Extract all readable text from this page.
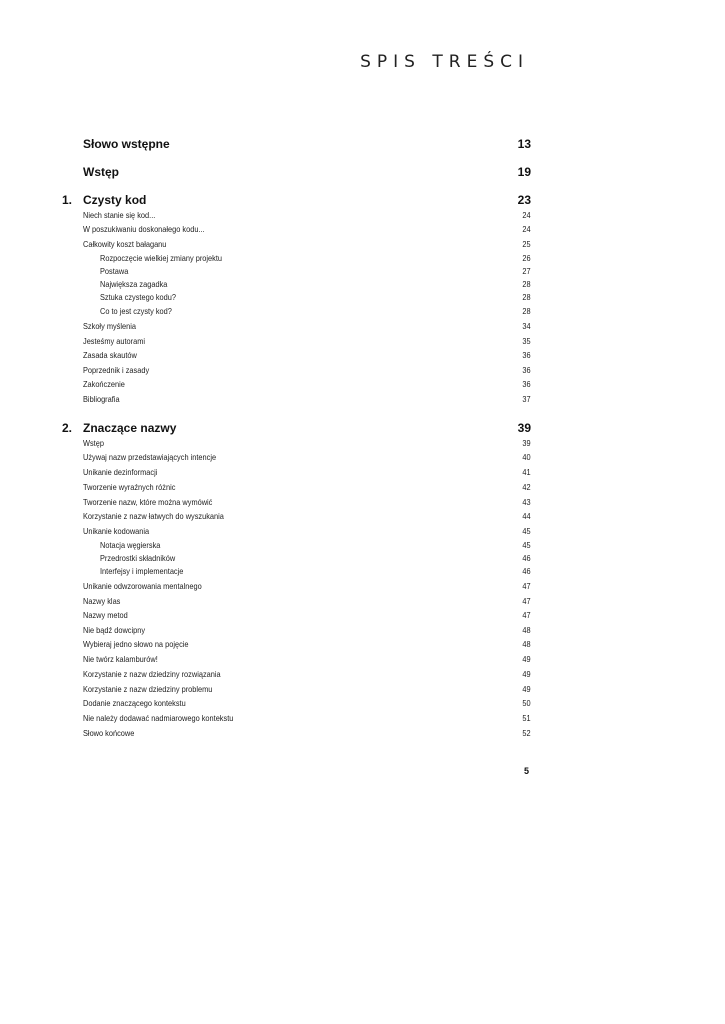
SPIS TREŚCI
Słowo wstępne	13
Wstęp	19
1. Czysty kod	23
Niech stanie się kod...	24
W poszukiwaniu doskonałego kodu...	24
Całkowity koszt bałaganu	25
Rozpoczęcie wielkiej zmiany projektu	26
Postawa	27
Największa zagadka	28
Sztuka czystego kodu?	28
Co to jest czysty kod?	28
Szkoły myślenia	34
Jesteśmy autorami	35
Zasada skautów	36
Poprzednik i zasady	36
Zakończenie	36
Bibliografia	37
2. Znaczące nazwy	39
Wstęp	39
Używaj nazw przedstawiających intencje	40
Unikanie dezinformacji	41
Tworzenie wyraźnych różnic	42
Tworzenie nazw, które można wymówić	43
Korzystanie z nazw łatwych do wyszukania	44
Unikanie kodowania	45
Notacja węgierska	45
Przedrostki składników	46
Interfejsy i implementacje	46
Unikanie odwzorowania mentalnego	47
Nazwy klas	47
Nazwy metod	47
Nie bądź dowcipny	48
Wybieraj jedno słowo na pojęcie	48
Nie twórz kalamburów!	49
Korzystanie z nazw dziedziny rozwiązania	49
Korzystanie z nazw dziedziny problemu	49
Dodanie znaczącego kontekstu	50
Nie należy dodawać nadmiarowego kontekstu	51
Słowo końcowe	52
5
